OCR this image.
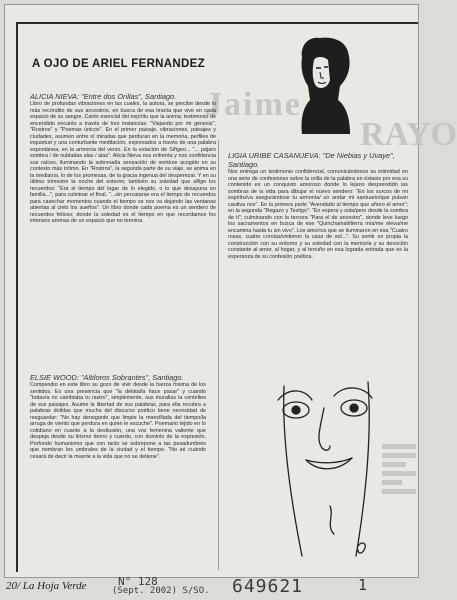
Jaime
RAYO
A OJO DE ARIEL FERNANDEZ

ALICIA NIEVA: "Entre dos Orillas", Santiago.

Libro de profundas vibraciones en las cuales, la autora, se percibe desde lo más recóndito de sus ancestros, en busca de esa tiranía que vive en cada espacio de su sangre. Canto esencial del espíritu que la anima; testimonio de encendido encanto a través de tres instancias: "Viajando por mi génesis", "Rostros" y "Poemas únicos". En el primer paisaje, vibraciones, paisajes y ciudades, asumen entre sí miradas que perduran en la memoria, perfiles de inquietud y una conturbante meditación, expresados a través de una palabra espontánea, en la armonía del verso. En la estación de Siñgeo... "... pájaro sombra / de nubladas alas / alas". Alicia Nieva nos enfrenta y nos confidencia sus raíces, iluminando la sobresalía sensación de sentirse acogido en su contexto más íntimo. En "Rostros", la segunda parte de su viaje, se anima en la medianía, lo de los promesas, de la gracia ingenua del desperezar. Y en su último trimestre la noche del exterior, también su soledad que aflige los recuerdos: "Era el tiempo del lugar de lo elegido, o lo que desayuna en familia...", para culminar el final, "...sin percatarse era el tiempo de recuerdos para casechar momentos cuando el tiempo se nos va dejando las ventanas abiertas al cielo los sueños". Un libro donde cada poema es un sendero de recuerdos felices; donde la soledad es el tiempo en que recordamos los intensos aromas de un espacio que no termina.

LIGIA URIBE CASANUEVA: "De Niebias y Uvaye", Santiago.

Nos entrega un testimonio confidencial, comunicándonos su intimidad en una serie de confesiones sobre la orilla de la palabra en éxtasis por esa su contenido es un conquisto amoroso donde lo lejano desprendido las sombras de la vida para dibujar el nuevo sendero: "En los surcos de mi espíritu/va asegurándose tu armonía/ un andar mi santuario/que pulsan cautiva nos". En la primera parte "Avendado al tiempo que añoro el amor"; en la segunda "Regazo y Testigo": "En espera y sola/pero desde la sombra de ti"; culminando con la tercera "Para el de ancestro", donde leve luego los sacramentos en busca de ese "Quinchamali/tierra mía/me eleva/me encamina hasta tu sin vivo". Los amoríos que se iluminaron en esa "Cuatro rosas, cuatro corolas/vistieron la casa de sol...". Su sentir es propia la construcción con su entorno y su soledad con la memoria y su devoción constante al amor, al hogar, y al terruño en esa lograda entrada que es la esperanza de su confesión poética.

ELSIE WOOD: "Altiloros Sobrantes", Santiago.

Compendio en este libro su gozo de vivir desde la fuerza misma de los sentidos. Es una presencia que "la delata/la hace pasar" y cuando "todavía no cambiaba tu rastro", simplemente, sus murallas la centelleo de sus paisajes. Asume la libertad de sus palabras, para ella recobra a palabras dolidas que mucha del discurso poético tiene necesidad de resguardar: "No hay denegante que limpie la mancillada del tiempo/la arruga de viento que perdura en quien le escuche". Poemario tejido en lo cotidiano en cuanto a la desilusión, una voz femenina valiente que despeja desde su lirismo tierno y cuerdo, con dominio de la expresión. Profundo humanismo que con tacto se sobrepone a las pesadumbres que nombran los umbrales de la ciudad y el tiempo. "No sé cuándo cesará de decir la muerte a la vida que no se detiene".

20/ La Hoja Verde	N° 128
(Sept. 2002) S/SO. 649621	1
